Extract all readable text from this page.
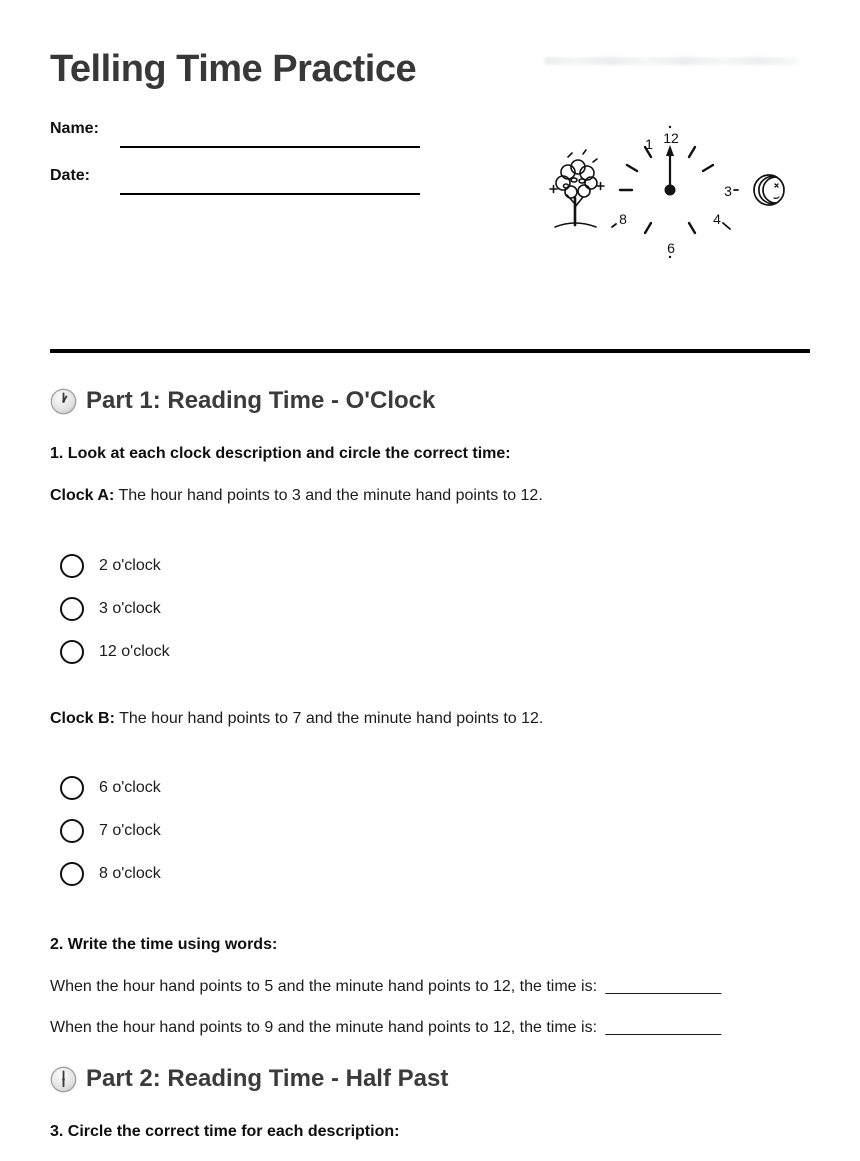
Telling Time Practice
Name:
Date:
12
1
3
4
6
8
Part 1: Reading Time - O'Clock
1. Look at each clock description and circle the correct time:
Clock A: The hour hand points to 3 and the minute hand points to 12.
2 o'clock
3 o'clock
12 o'clock
Clock B: The hour hand points to 7 and the minute hand points to 12.
6 o'clock
7 o'clock
8 o'clock
2. Write the time using words:
When the hour hand points to 5 and the minute hand points to 12, the time is: _____________
When the hour hand points to 9 and the minute hand points to 12, the time is: _____________
Part 2: Reading Time - Half Past
3. Circle the correct time for each description:
